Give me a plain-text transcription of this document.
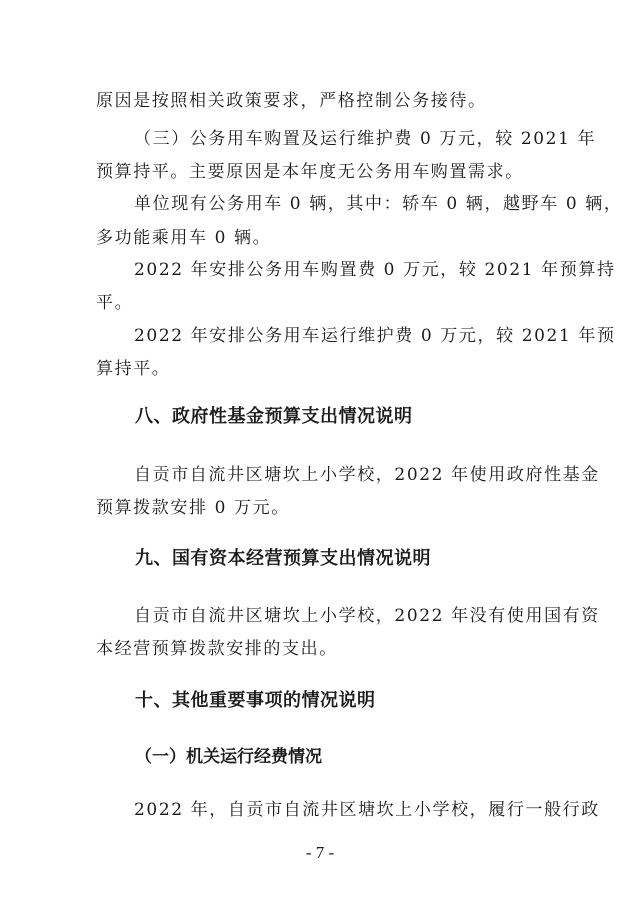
原因是按照相关政策要求，严格控制公务接待。
（三）公务用车购置及运行维护费 0 万元，较 2021 年
预算持平。主要原因是本年度无公务用车购置需求。
单位现有公务用车 0 辆，其中：轿车 0 辆，越野车 0 辆，
多功能乘用车 0 辆。
2022 年安排公务用车购置费 0 万元，较 2021 年预算持
平。
2022 年安排公务用车运行维护费 0 万元，较 2021 年预
算持平。
八、政府性基金预算支出情况说明
自贡市自流井区塘坎上小学校，2022 年使用政府性基金
预算拨款安排 0 万元。
九、国有资本经营预算支出情况说明
自贡市自流井区塘坎上小学校，2022 年没有使用国有资
本经营预算拨款安排的支出。
十、其他重要事项的情况说明
（一）机关运行经费情况
2022 年，自贡市自流井区塘坎上小学校，履行一般行政
- 7 -
